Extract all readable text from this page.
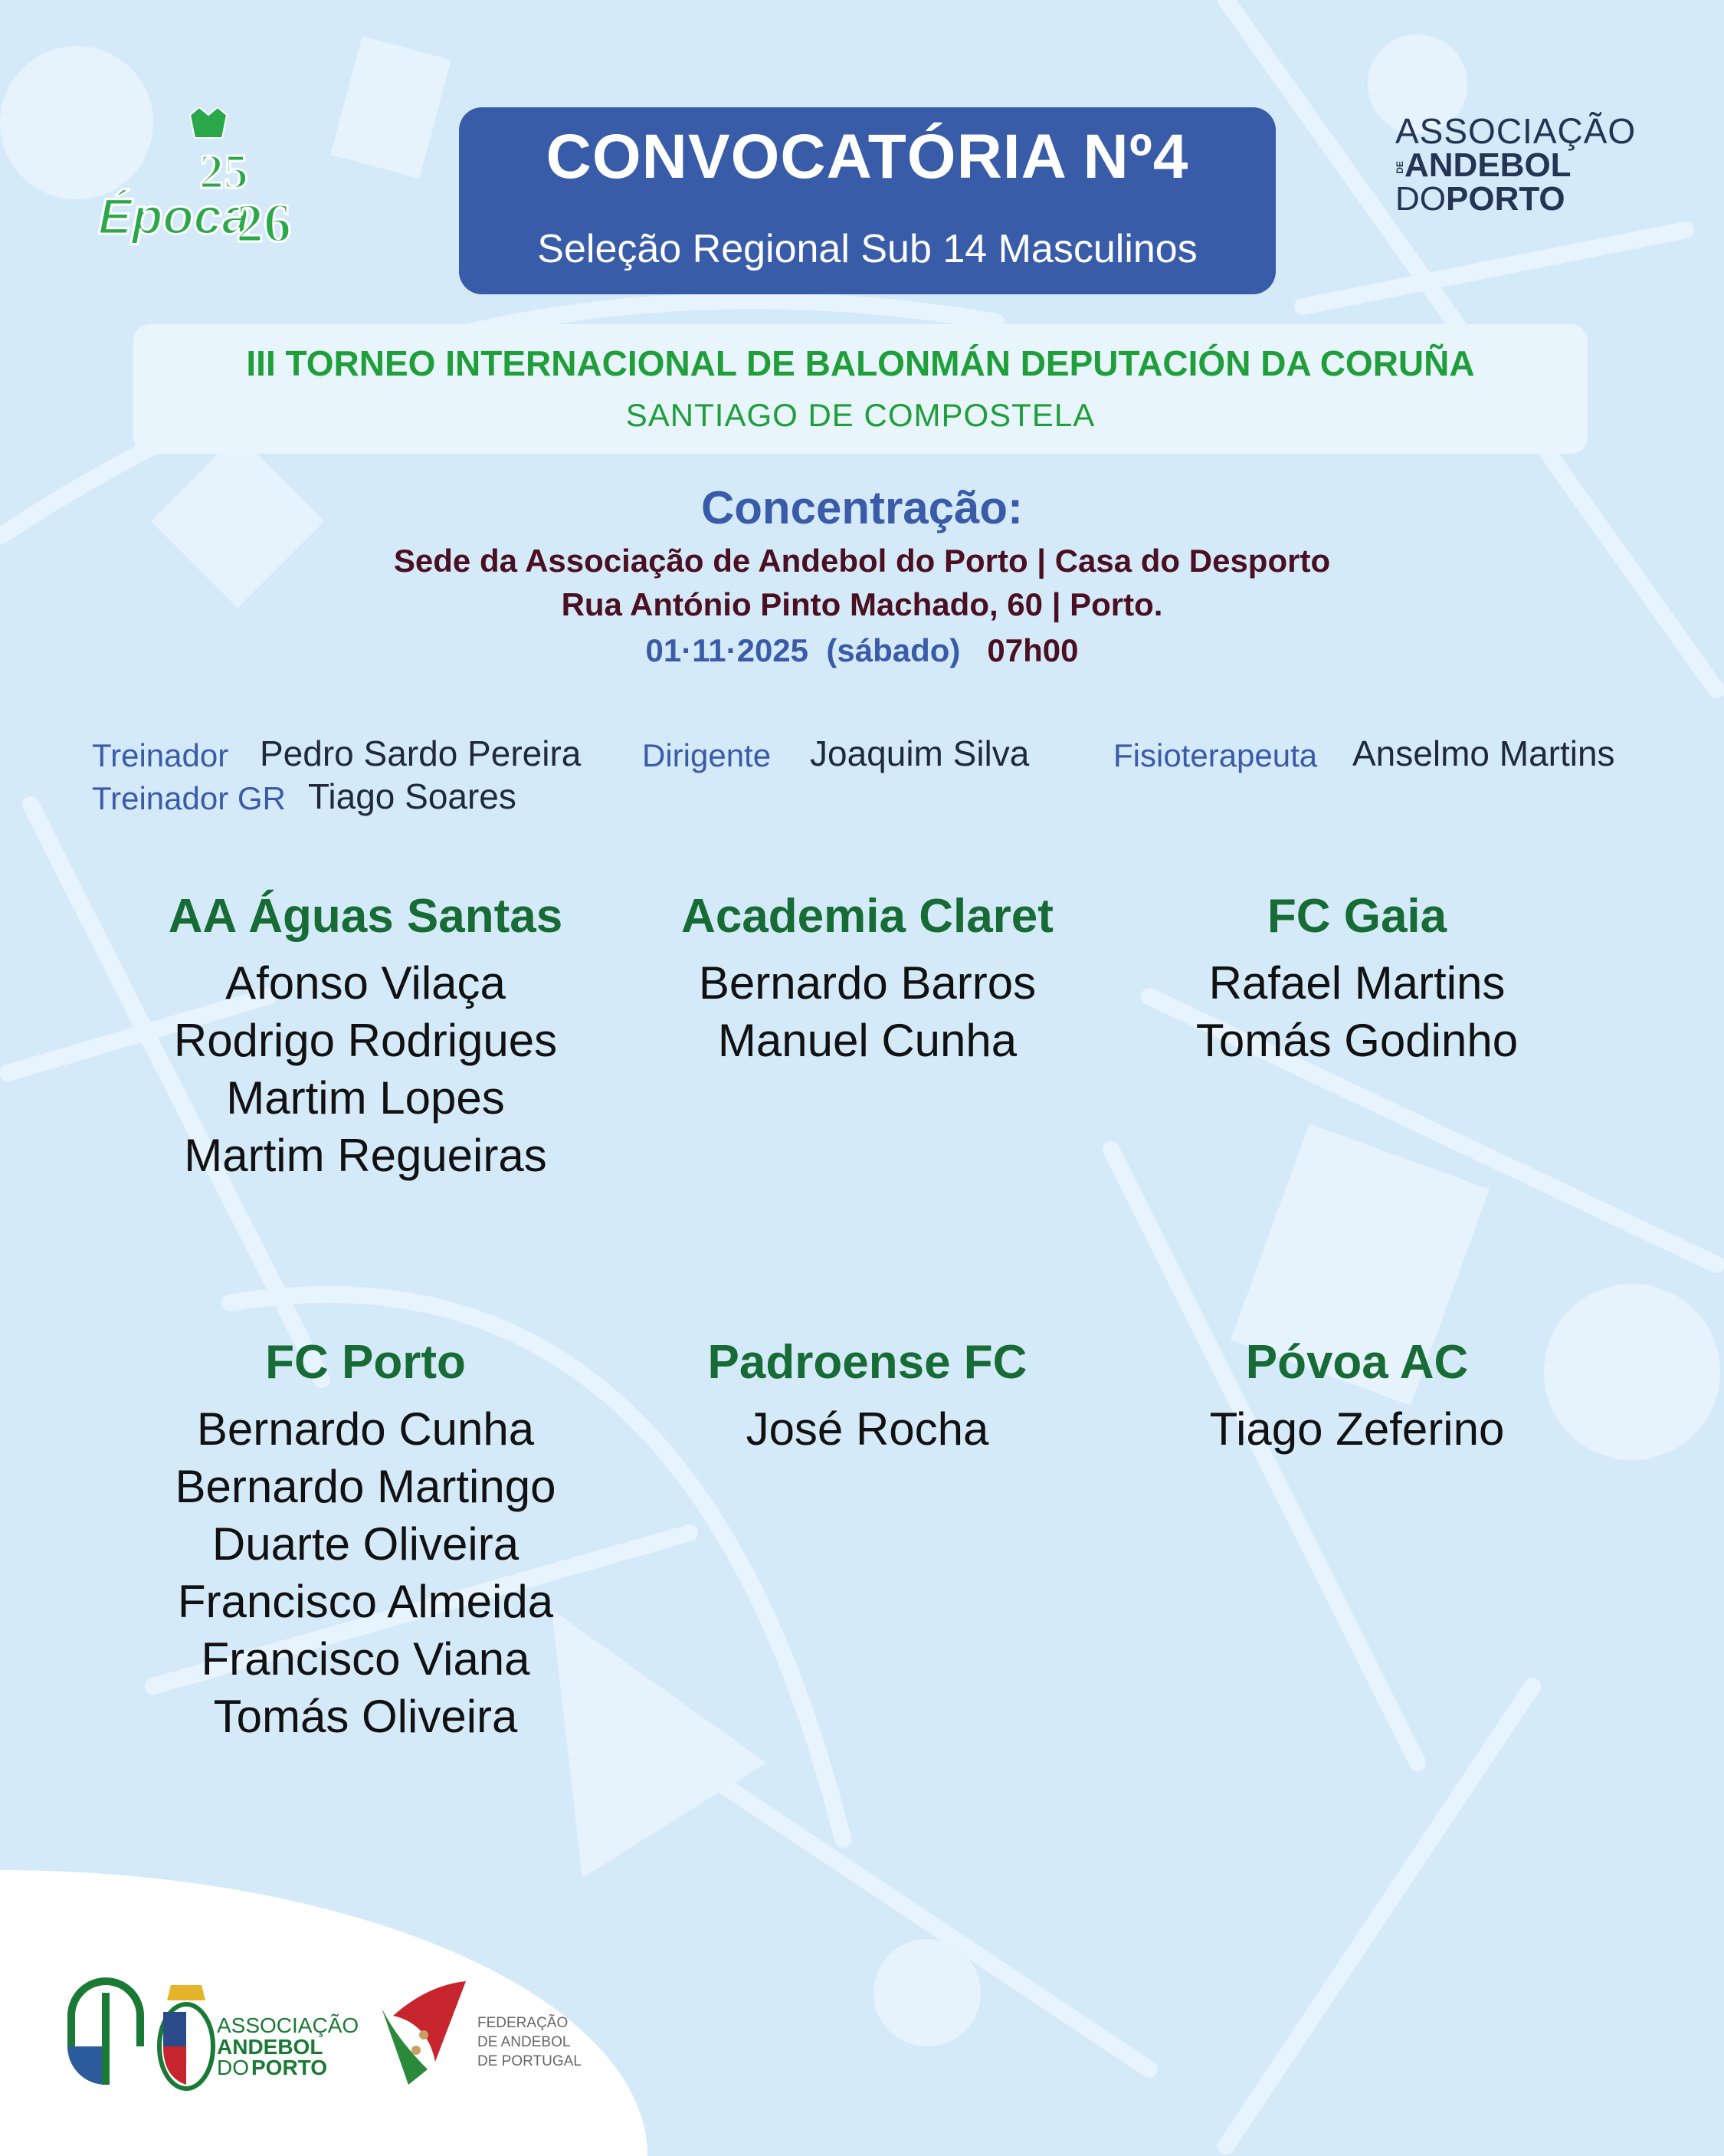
25
Época
26
CONVOCATÓRIA Nº4
Seleção Regional Sub 14 Masculinos
ASSOCIAÇÃO
DEANDEBOL
DOPORTO
III TORNEO INTERNACIONAL DE BALONMÁN DEPUTACIÓN DA CORUÑA
SANTIAGO DE COMPOSTELA
Concentração:
Sede da Associação de Andebol do Porto | Casa do Desporto
Rua António Pinto Machado, 60 | Porto.
01·11·2025 (sábado) 07h00
Treinador Pedro Sardo Pereira Dirigente Joaquim Silva	Fisioterapeuta Anselmo Martins
Treinador GR Tiago Soares
AA Águas Santas
Afonso Vilaça
Rodrigo Rodrigues
Martim Lopes
Martim Regueiras
Academia Claret
Bernardo Barros
Manuel Cunha
FC Gaia
Rafael Martins
Tomás Godinho
FC Porto
Bernardo Cunha
Bernardo Martingo
Duarte Oliveira
Francisco Almeida
Francisco Viana
Tomás Oliveira
Padroense FC
José Rocha
Póvoa AC
Tiago Zeferino
ASSOCIAÇÃO
ANDEBOL
DO PORTO
FEDERAÇÃO
DE ANDEBOL
DE PORTUGAL
